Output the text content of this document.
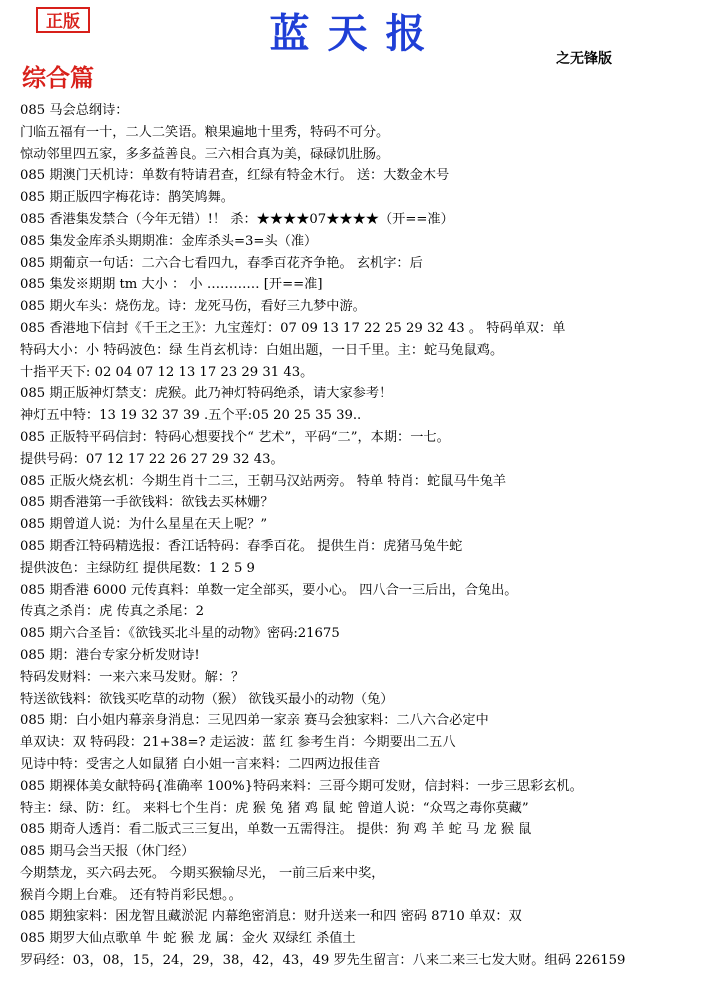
正版	蓝天报
之无锋版
综合篇
085 马会总纲诗：
门临五福有一十，二人二笑语。粮果遍地十里秀，特码不可分。
惊动邻里四五家，多多益善良。三六相合真为美，碌碌饥肚肠。
085 期澳门天机诗：单数有特请君查，红绿有特金木行。 送：大数金木号
085 期正版四字梅花诗：鹊笑鸠舞。
085 香港集发禁合（今年无错）!！ 杀：★★★★07★★★★（开==准）
085 集发金库杀头期期准：金库杀头=3=头（准）
085 期葡京一句话：二六合七看四九，春季百花齐争艳。 玄机字：后
085 集发※期期 tm 大小 ： 小 ………… [开==准]
085 期火车头：烧伤龙。诗：龙死马伤，看好三九梦中游。
085 香港地下信封《千王之王》：九宝莲灯：07 09 13 17 22 25 29 32 43 。 特码单双：单
特码大小：小 特码波色：绿 生肖玄机诗：白姐出题，一日千里。主：蛇马兔鼠鸡。
十指平天下: 02 04 07 12 13 17 23 29 31 43。
085 期正版神灯禁支：虎猴。此乃神灯特码绝杀，请大家参考！
神灯五中特：13 19 32 37 39 .五个平:05 20 25 35 39..
085 正版特平码信封：特码心想要找个“ 艺术”，平码“二”，本期：一七。
提供号码：07 12 17 22 26 27 29 32 43。
085 正版火烧玄机：今期生肖十二三，王朝马汉站两旁。 特单 特肖：蛇鼠马牛兔羊
085 期香港第一手欲钱料：欲钱去买林姗？
085 期曾道人说：为什么星星在天上呢？”
085 期香江特码精选报：香江话特码：春季百花。 提供生肖：虎猪马兔牛蛇
提供波色：主绿防红 提供尾数：1 2 5 9
085 期香港 6000 元传真料：单数一定全部买，要小心。 四八合一三后出，合兔出。
传真之杀肖：虎 传真之杀尾：2
085 期六合圣旨：《欲钱买北斗星的动物》密码:21675
085 期：港台专家分析发财诗!
特码发财料：一来六来马发财。解：？
特送欲钱料：欲钱买吃草的动物（猴） 欲钱买最小的动物（兔）
085 期：白小姐内幕亲身消息：三见四弟一家亲 赛马会独家料：二八六合必定中
单双诀：双 特码段：21+38=? 走运波：蓝 红 参考生肖：今期要出二五八
见诗中特：受害之人如鼠猪 白小姐一言来料：二四两边报佳音
085 期裸体美女献特码{准确率 100%}特码来料：三哥今期可发财，信封料：一步三思彩玄机。
特主：绿、防：红。 来料七个生肖：虎 猴 兔 猪 鸡 鼠 蛇 曾道人说：“众骂之毒你莫藏”
085 期奇人透肖：看二版式三三复出，单数一五需得注。 提供：狗 鸡 羊 蛇 马 龙 猴 鼠
085 期马会当天报（休门经）
今期禁龙，买六码去死。 今期买猴输尽光， 一前三后来中奖，
猴肖今期上台难。 还有特肖彩民想。。
085 期独家料：困龙智且藏淤泥 内幕绝密消息：财升送来一和四 密码 8710 单双：双
085 期罗大仙点歌单 牛 蛇 猴 龙 属：金火 双绿红 杀值土
罗码经：03，08，15，24，29，38，42，43，49 罗先生留言：八来二来三七发大财。组码 226159
